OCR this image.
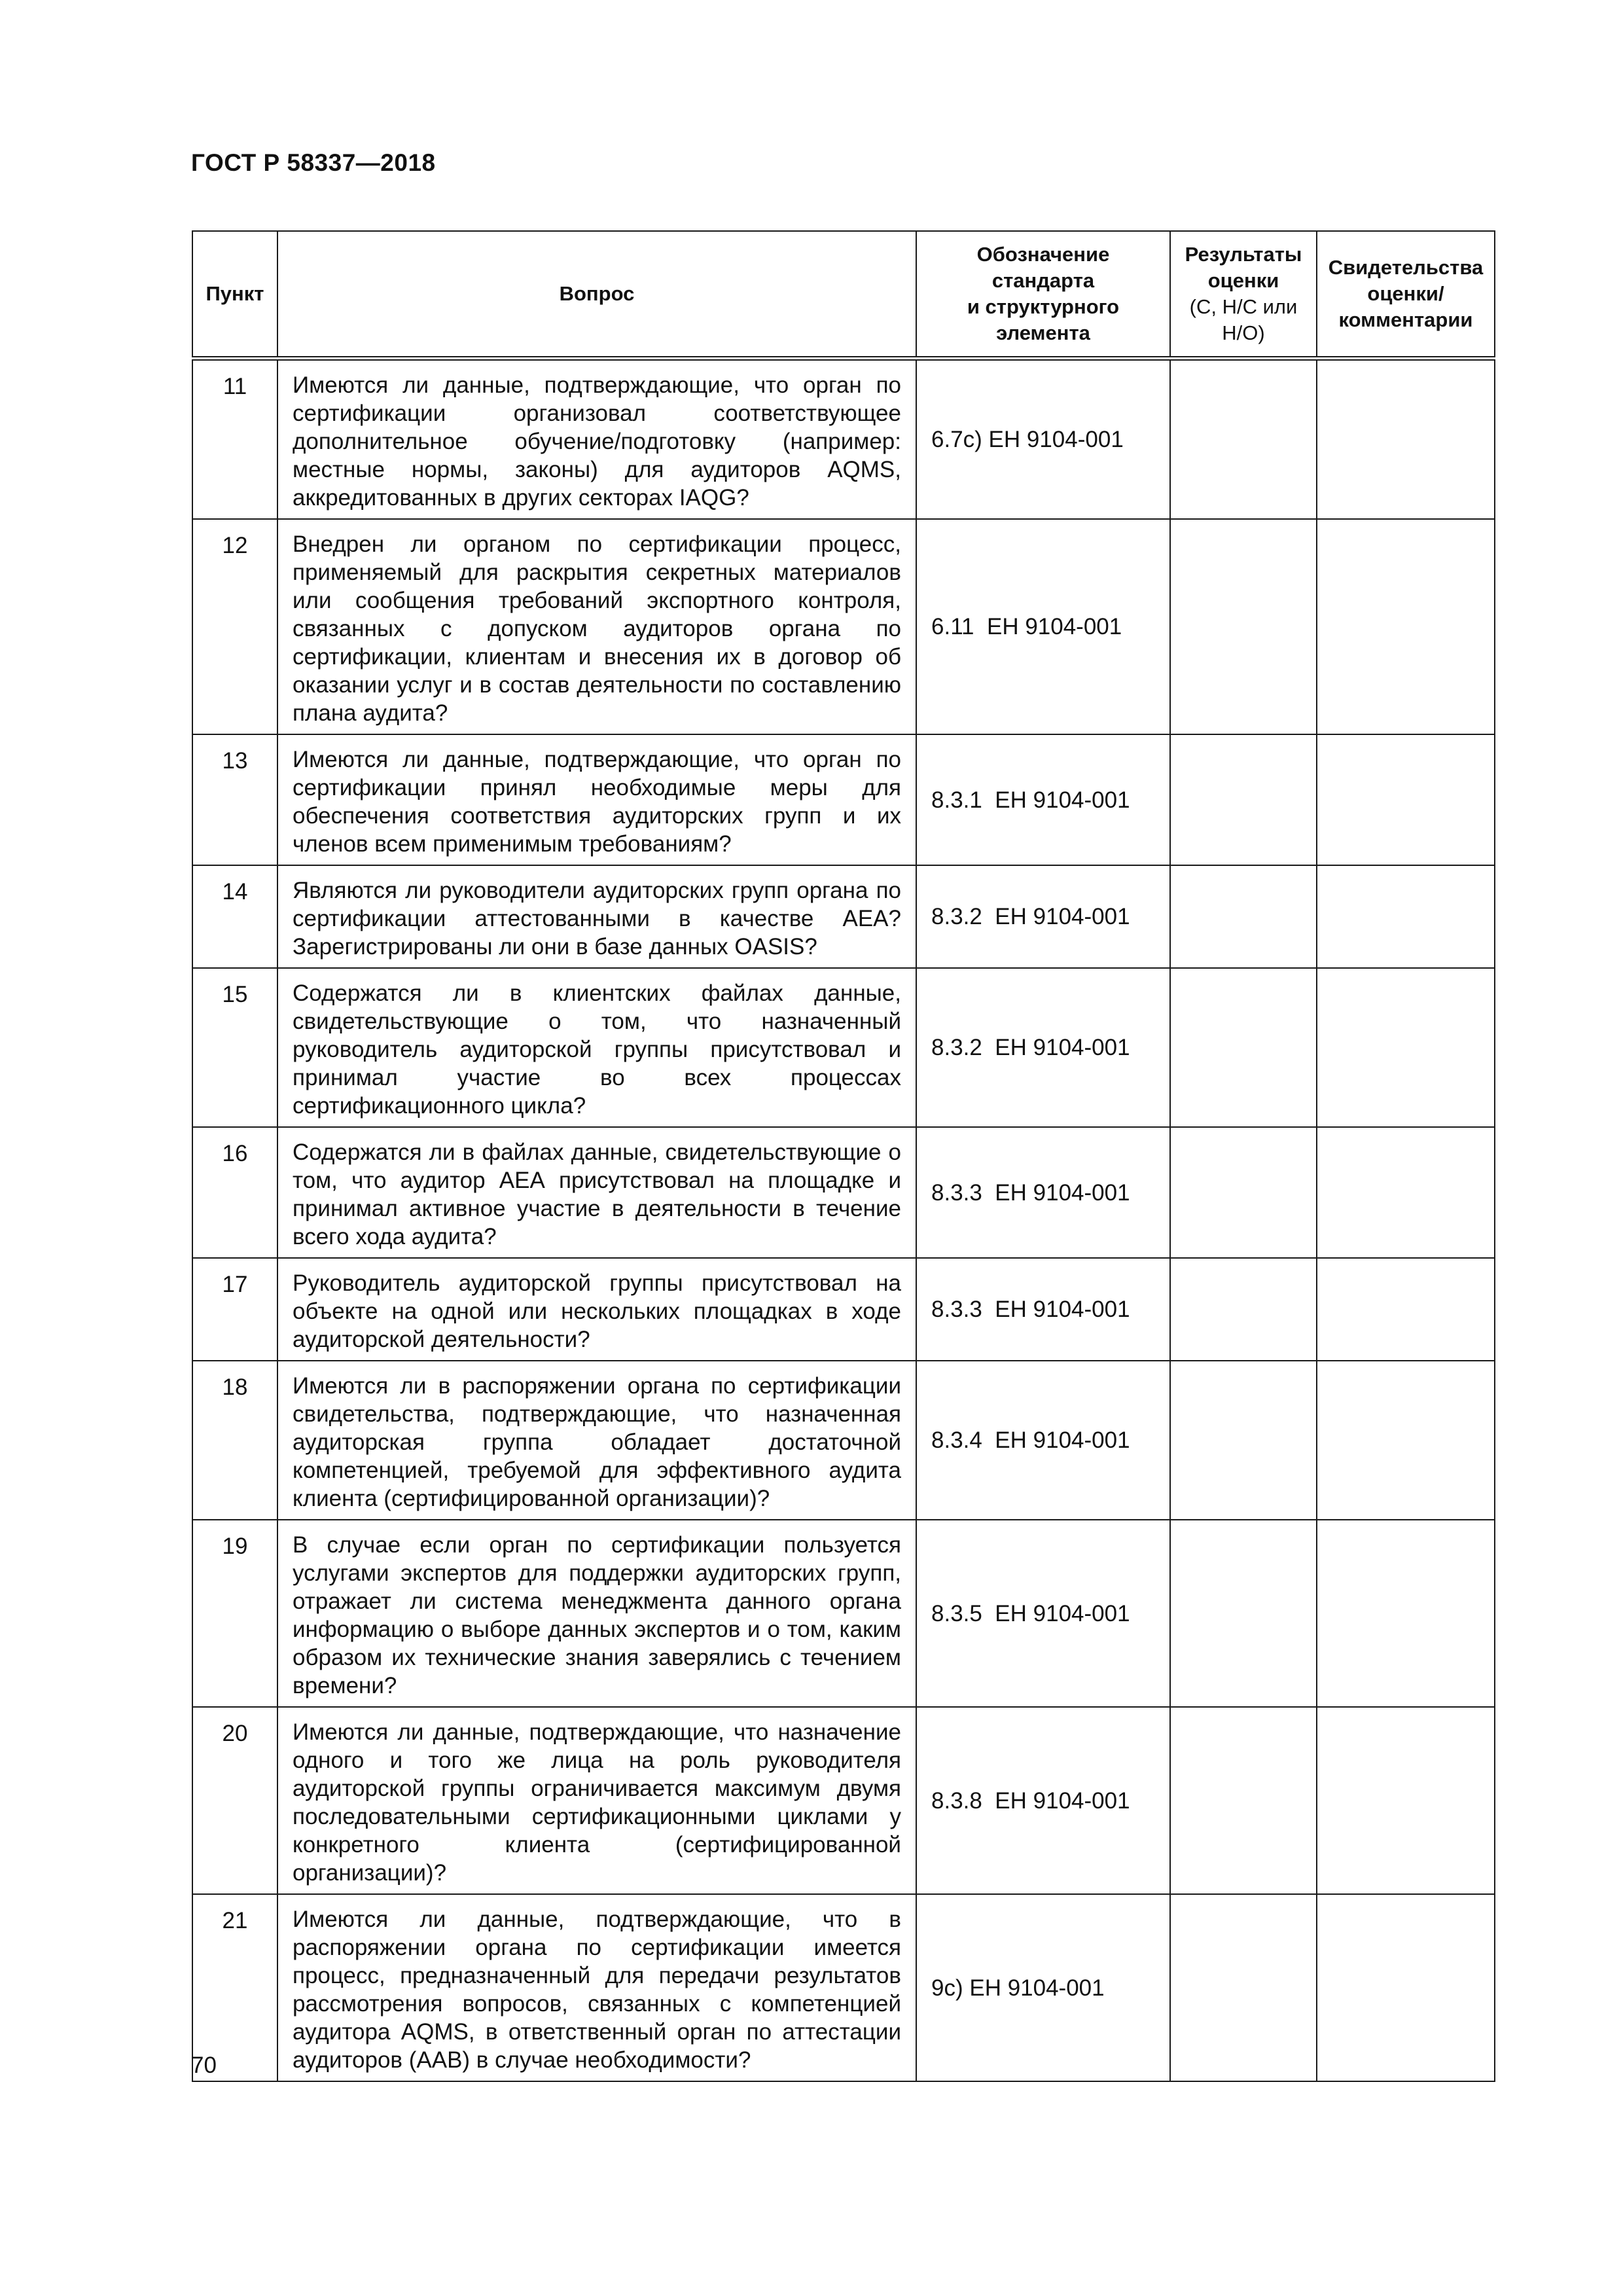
ГОСТ Р 58337—2018
Пункт	Вопрос	Обозначение
стандарта
и структурного
элемента	Результаты
оценки
(С, Н/С или
Н/О)	Свидетельства
оценки/
комментарии

11	Имеются ли данные, подтверждающие, что орган по сертификации организовал соответствующее дополнительное обучение/подготовку (например: местные нормы, законы) для аудиторов AQMS, аккредитованных в других секторах IAQG?	6.7c) ЕН 9104-001		
12	Внедрен ли органом по сертификации процесс, применяемый для раскрытия секретных материалов или сообщения требований экспортного контроля, связанных с допуском аудиторов органа по сертификации, клиентам и внесения их в договор об оказании услуг и в состав деятельности по составлению плана аудита?	6.11  ЕН 9104-001		
13	Имеются ли данные, подтверждающие, что орган по сертификации принял необходимые меры для обеспечения соответствия аудиторских групп и их членов всем применимым требованиям?	8.3.1  ЕН 9104-001		
14	Являются ли руководители аудиторских групп органа по сертификации аттестованными в качестве АЕА? Зарегистрированы ли они в базе данных OASIS?	8.3.2  ЕН 9104-001		
15	Содержатся ли в клиентских файлах данные, свидетельствующие о том, что назначенный руководитель аудиторской группы присутствовал и принимал участие во всех процессах сертификационного цикла?	8.3.2  ЕН 9104-001		
16	Содержатся ли в файлах данные, свидетельствующие о том, что аудитор АЕА присутствовал на площадке и принимал активное участие в деятельности в течение всего хода аудита?	8.3.3  ЕН 9104-001		
17	Руководитель аудиторской группы присутствовал на объекте на одной или нескольких площадках в ходе аудиторской деятельности?	8.3.3  ЕН 9104-001		
18	Имеются ли в распоряжении органа по сертификации свидетельства, подтверждающие, что назначенная аудиторская группа обладает достаточной компетенцией, требуемой для эффективного аудита клиента (сертифицированной организации)?	8.3.4  ЕН 9104-001		
19	В случае если орган по сертификации пользуется услугами экспертов для поддержки аудиторских групп, отражает ли система менеджмента данного органа информацию о выборе данных экспертов и о том, каким образом их технические знания заверялись с течением времени?	8.3.5  ЕН 9104-001		
20	Имеются ли данные, подтверждающие, что назначение одного и того же лица на роль руководителя аудиторской группы ограничивается максимум двумя последовательными сертификационными циклами у конкретного клиента (сертифицированной организации)?	8.3.8  ЕН 9104-001		
21	Имеются ли данные, подтверждающие, что в распоряжении органа по сертификации имеется процесс, предназначенный для передачи результатов рассмотрения вопросов, связанных с компетенцией аудитора AQMS, в ответственный орган по аттестации аудиторов (ААВ) в случае необходимости?	9c) ЕН 9104-001		
70
